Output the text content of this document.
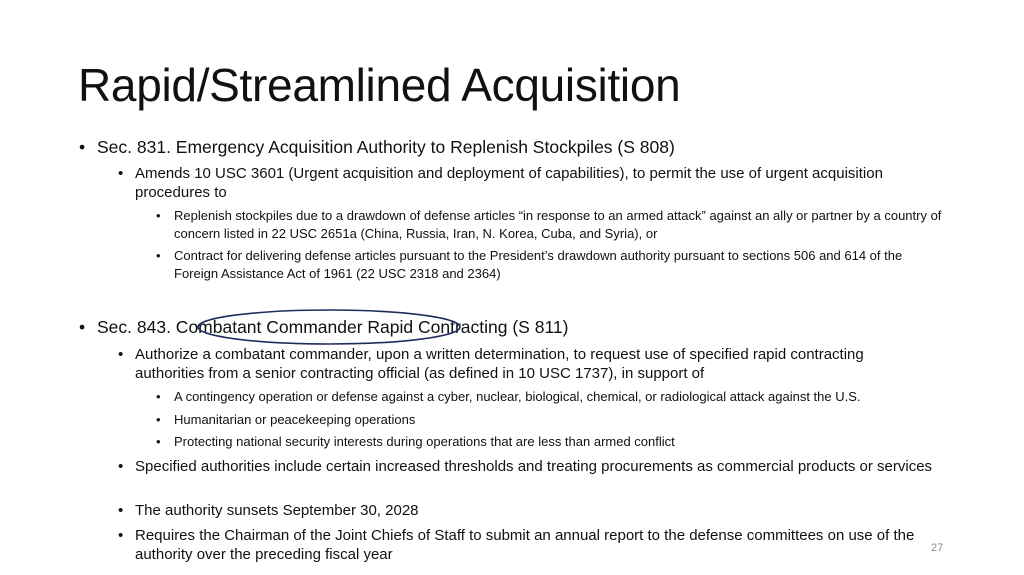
Rapid/Streamlined Acquisition
• Sec. 831. Emergency Acquisition Authority to Replenish Stockpiles (S 808)
• Amends 10 USC 3601 (Urgent acquisition and deployment of capabilities), to permit the use of urgent acquisition procedures to
• Replenish stockpiles due to a drawdown of defense articles “in response to an armed attack” against an ally or partner by a country of concern listed in 22 USC 2651a (China, Russia, Iran, N. Korea, Cuba, and Syria), or
• Contract for delivering defense articles pursuant to the President’s drawdown authority pursuant to sections 506 and 614 of the Foreign Assistance Act of 1961 (22 USC 2318 and 2364)
• Sec. 843. Combatant Commander Rapid Contracting (S 811)
• Authorize a combatant commander, upon a written determination, to request use of specified rapid contracting authorities from a senior contracting official (as defined in 10 USC 1737), in support of
• A contingency operation or defense against a cyber, nuclear, biological, chemical, or radiological attack against the U.S.
• Humanitarian or peacekeeping operations
• Protecting national security interests during operations that are less than armed conflict
• Specified authorities include certain increased thresholds and treating procurements as commercial products or services
• The authority sunsets September 30, 2028
• Requires the Chairman of the Joint Chiefs of Staff to submit an annual report to the defense committees on use of the authority over the preceding fiscal year	27
